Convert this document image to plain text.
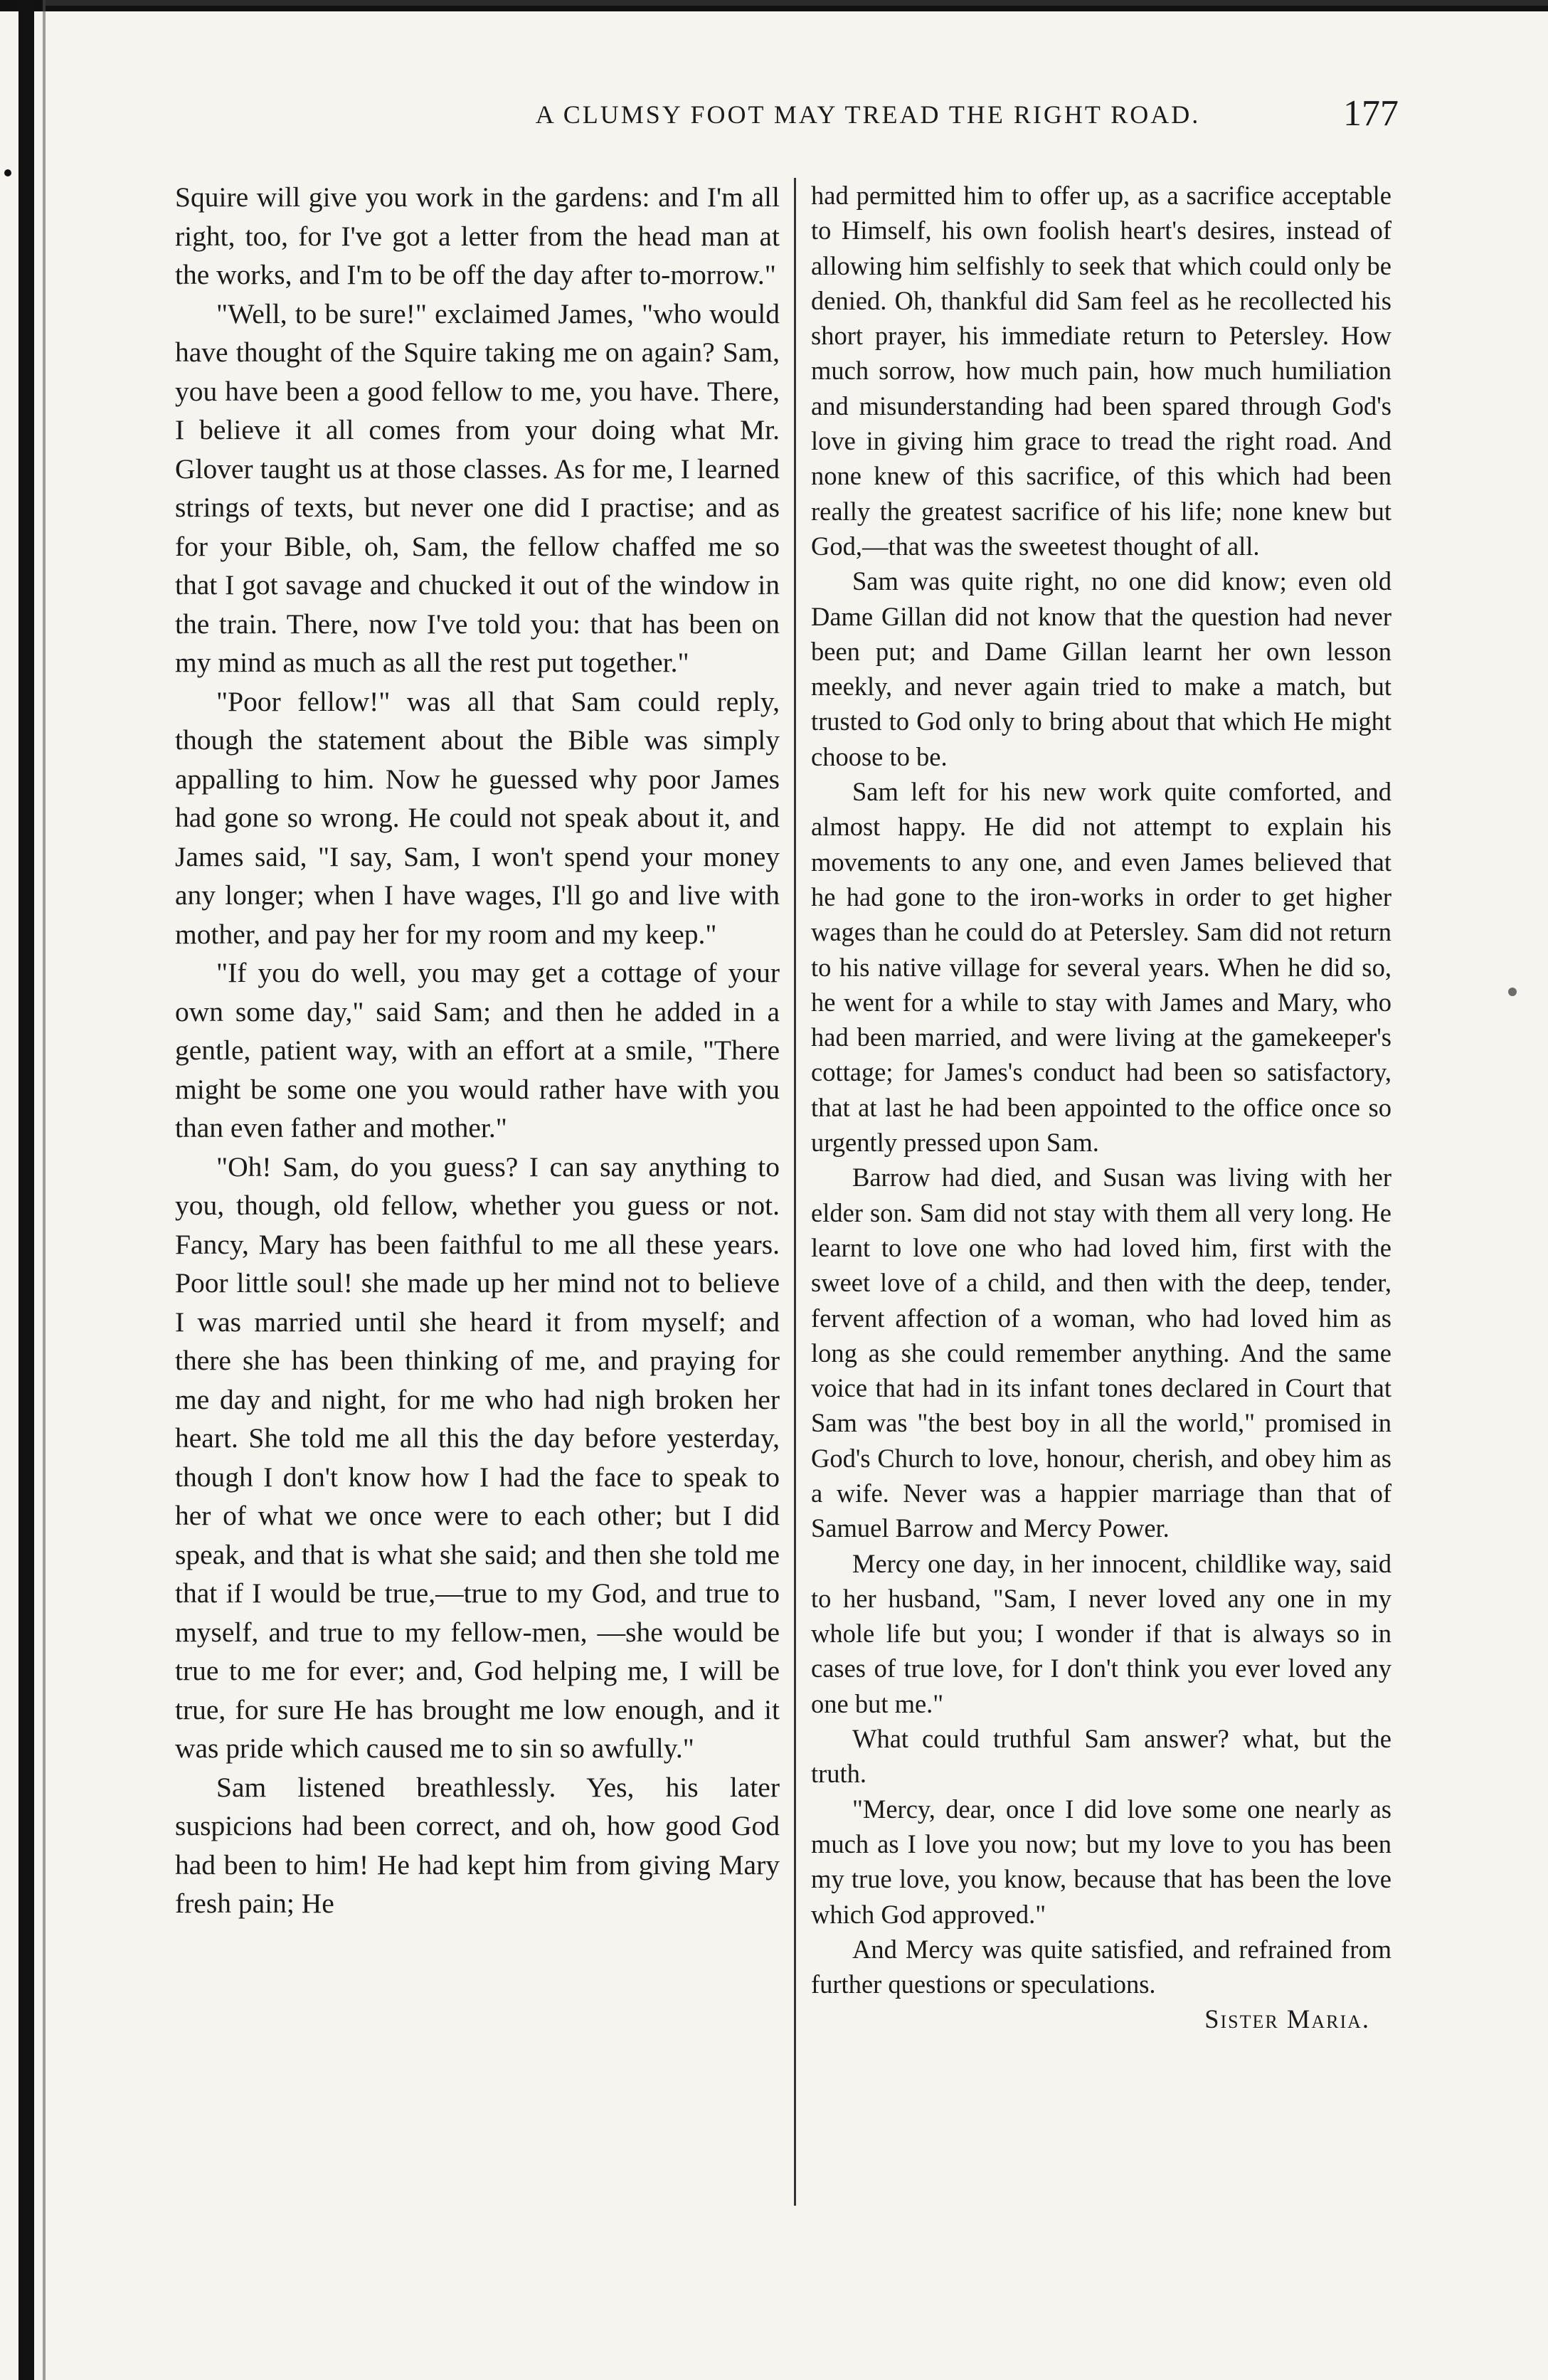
A CLUMSY FOOT MAY TREAD THE RIGHT ROAD.	177

Squire will give you work in the gardens: and I'm all right, too, for I've got a letter from the head man at the works, and I'm to be off the day after to-morrow."

"Well, to be sure!" exclaimed James, "who would have thought of the Squire taking me on again? Sam, you have been a good fellow to me, you have. There, I believe it all comes from your doing what Mr. Glover taught us at those classes. As for me, I learned strings of texts, but never one did I practise; and as for your Bible, oh, Sam, the fellow chaffed me so that I got savage and chucked it out of the window in the train. There, now I've told you: that has been on my mind as much as all the rest put together."

"Poor fellow!" was all that Sam could reply, though the statement about the Bible was simply appalling to him. Now he guessed why poor James had gone so wrong. He could not speak about it, and James said, "I say, Sam, I won't spend your money any longer; when I have wages, I'll go and live with mother, and pay her for my room and my keep."

"If you do well, you may get a cottage of your own some day," said Sam; and then he added in a gentle, patient way, with an effort at a smile, "There might be some one you would rather have with you than even father and mother."

"Oh! Sam, do you guess? I can say anything to you, though, old fellow, whether you guess or not. Fancy, Mary has been faithful to me all these years. Poor little soul! she made up her mind not to believe I was married until she heard it from myself; and there she has been thinking of me, and praying for me day and night, for me who had nigh broken her heart. She told me all this the day before yesterday, though I don't know how I had the face to speak to her of what we once were to each other; but I did speak, and that is what she said; and then she told me that if I would be true,—true to my God, and true to myself, and true to my fellow-men, —she would be true to me for ever; and, God helping me, I will be true, for sure He has brought me low enough, and it was pride which caused me to sin so awfully."

Sam listened breathlessly. Yes, his later suspicions had been correct, and oh, how good God had been to him! He had kept him from giving Mary fresh pain; He

had permitted him to offer up, as a sacrifice acceptable to Himself, his own foolish heart's desires, instead of allowing him selfishly to seek that which could only be denied. Oh, thankful did Sam feel as he recollected his short prayer, his immediate return to Petersley. How much sorrow, how much pain, how much humiliation and misunderstanding had been spared through God's love in giving him grace to tread the right road. And none knew of this sacrifice, of this which had been really the greatest sacrifice of his life; none knew but God,—that was the sweetest thought of all.

Sam was quite right, no one did know; even old Dame Gillan did not know that the question had never been put; and Dame Gillan learnt her own lesson meekly, and never again tried to make a match, but trusted to God only to bring about that which He might choose to be.

Sam left for his new work quite comforted, and almost happy. He did not attempt to explain his movements to any one, and even James believed that he had gone to the iron-works in order to get higher wages than he could do at Petersley. Sam did not return to his native village for several years. When he did so, he went for a while to stay with James and Mary, who had been married, and were living at the gamekeeper's cottage; for James's conduct had been so satisfactory, that at last he had been appointed to the office once so urgently pressed upon Sam.

Barrow had died, and Susan was living with her elder son. Sam did not stay with them all very long. He learnt to love one who had loved him, first with the sweet love of a child, and then with the deep, tender, fervent affection of a woman, who had loved him as long as she could remember anything. And the same voice that had in its infant tones declared in Court that Sam was "the best boy in all the world," promised in God's Church to love, honour, cherish, and obey him as a wife. Never was a happier marriage than that of Samuel Barrow and Mercy Power.

Mercy one day, in her innocent, childlike way, said to her husband, "Sam, I never loved any one in my whole life but you; I wonder if that is always so in cases of true love, for I don't think you ever loved any one but me."

What could truthful Sam answer? what, but the truth.

"Mercy, dear, once I did love some one nearly as much as I love you now; but my love to you has been my true love, you know, because that has been the love which God approved."

And Mercy was quite satisfied, and refrained from further questions or speculations.

Sister Maria.
